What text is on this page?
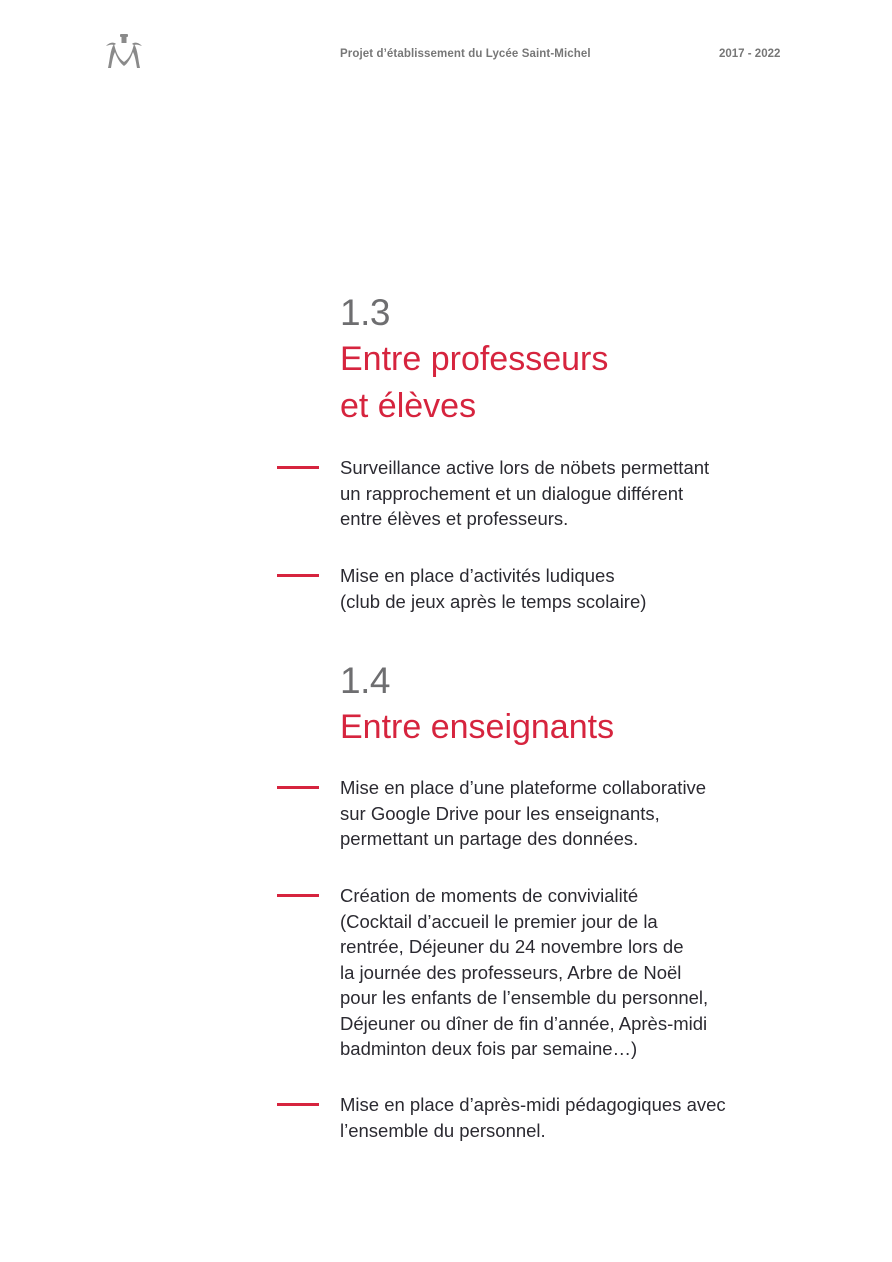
Projet d’établissement du Lycée Saint-Michel	2017 - 2022
1.3
Entre professeurs
et élèves
Surveillance active lors de nöbets permettant
un rapprochement et un dialogue différent
entre élèves et professeurs.
Mise en place d’activités ludiques
(club de jeux après le temps scolaire)
1.4
Entre enseignants
Mise en place d’une plateforme collaborative
sur Google Drive pour les enseignants,
permettant un partage des données.
Création de moments de convivialité
(Cocktail d’accueil le premier jour de la
rentrée, Déjeuner du 24 novembre lors de
la journée des professeurs, Arbre de Noël
pour les enfants de l’ensemble du personnel,
Déjeuner ou dîner de fin d’année, Après-midi
badminton deux fois par semaine…)
Mise en place d’après-midi pédagogiques avec
l’ensemble du personnel.
